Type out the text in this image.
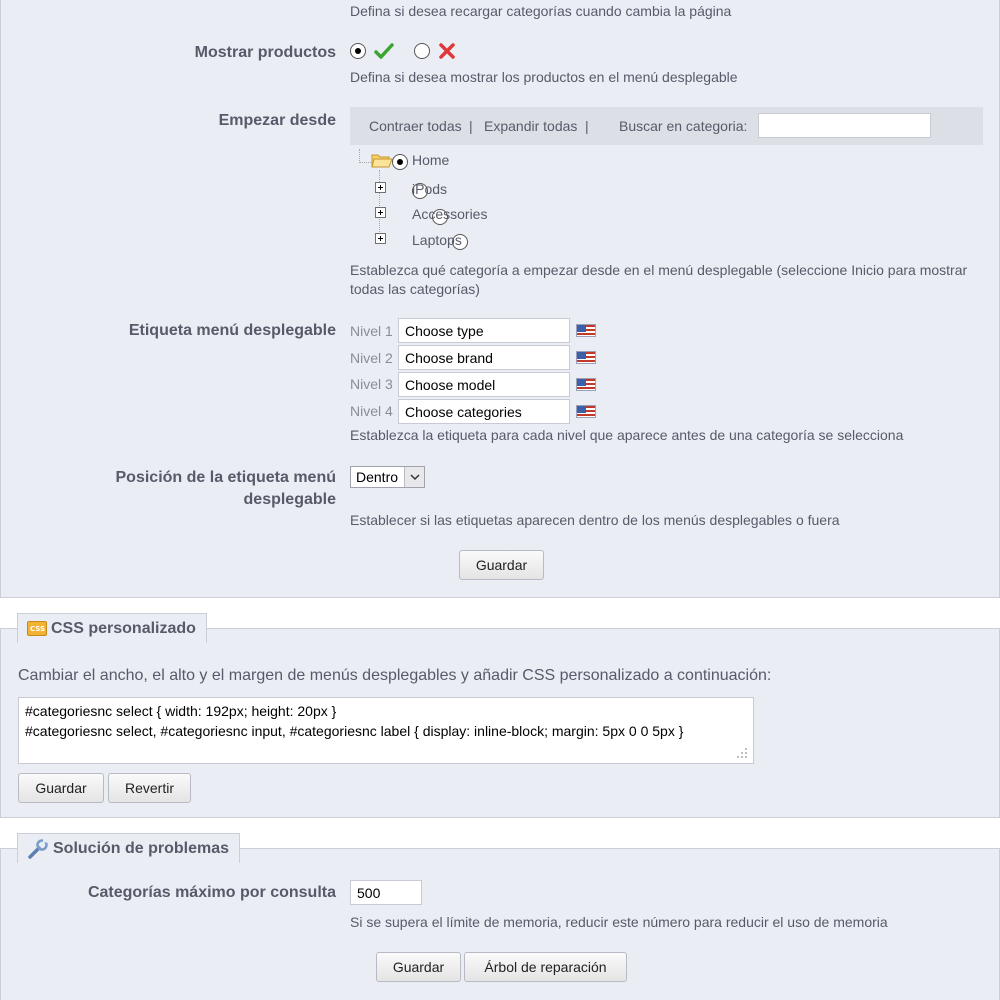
Defina si desea recargar categorías cuando cambia la página
Mostrar productos
Defina si desea mostrar los productos en el menú desplegable
Empezar desde Contraer todas | Expandir todas | Buscar en categoria:

Home

iPods

Accessories

Laptops
Establezca qué categoría a empezar desde en el menú desplegable (seleccione Inicio para mostrar todas las categorías)
Etiqueta menú desplegable Nivel 1
Choose type
Nivel 2
Choose brand
Nivel 3
Choose model
Nivel 4
Choose categories
Establezca la etiqueta para cada nivel que aparece antes de una categoría se selecciona
Posición de la etiqueta menú
desplegable
Dentro
Establecer si las etiquetas aparecen dentro de los menús desplegables o fuera
Guardar
Cambiar el ancho, el alto y el margen de menús desplegables y añadir CSS personalizado a continuación:
#categoriesnc select { width: 192px; height: 20px }
#categoriesnc select, #categoriesnc input, #categoriesnc label { display: inline-block; margin: 5px 0 0 5px }
Guardar	Revertir
CSS CSS personalizado
Categorías máximo por consulta
500
Si se supera el límite de memoria, reducir este número para reducir el uso de memoria
Guardar	Árbol de reparación
Solución de problemas
